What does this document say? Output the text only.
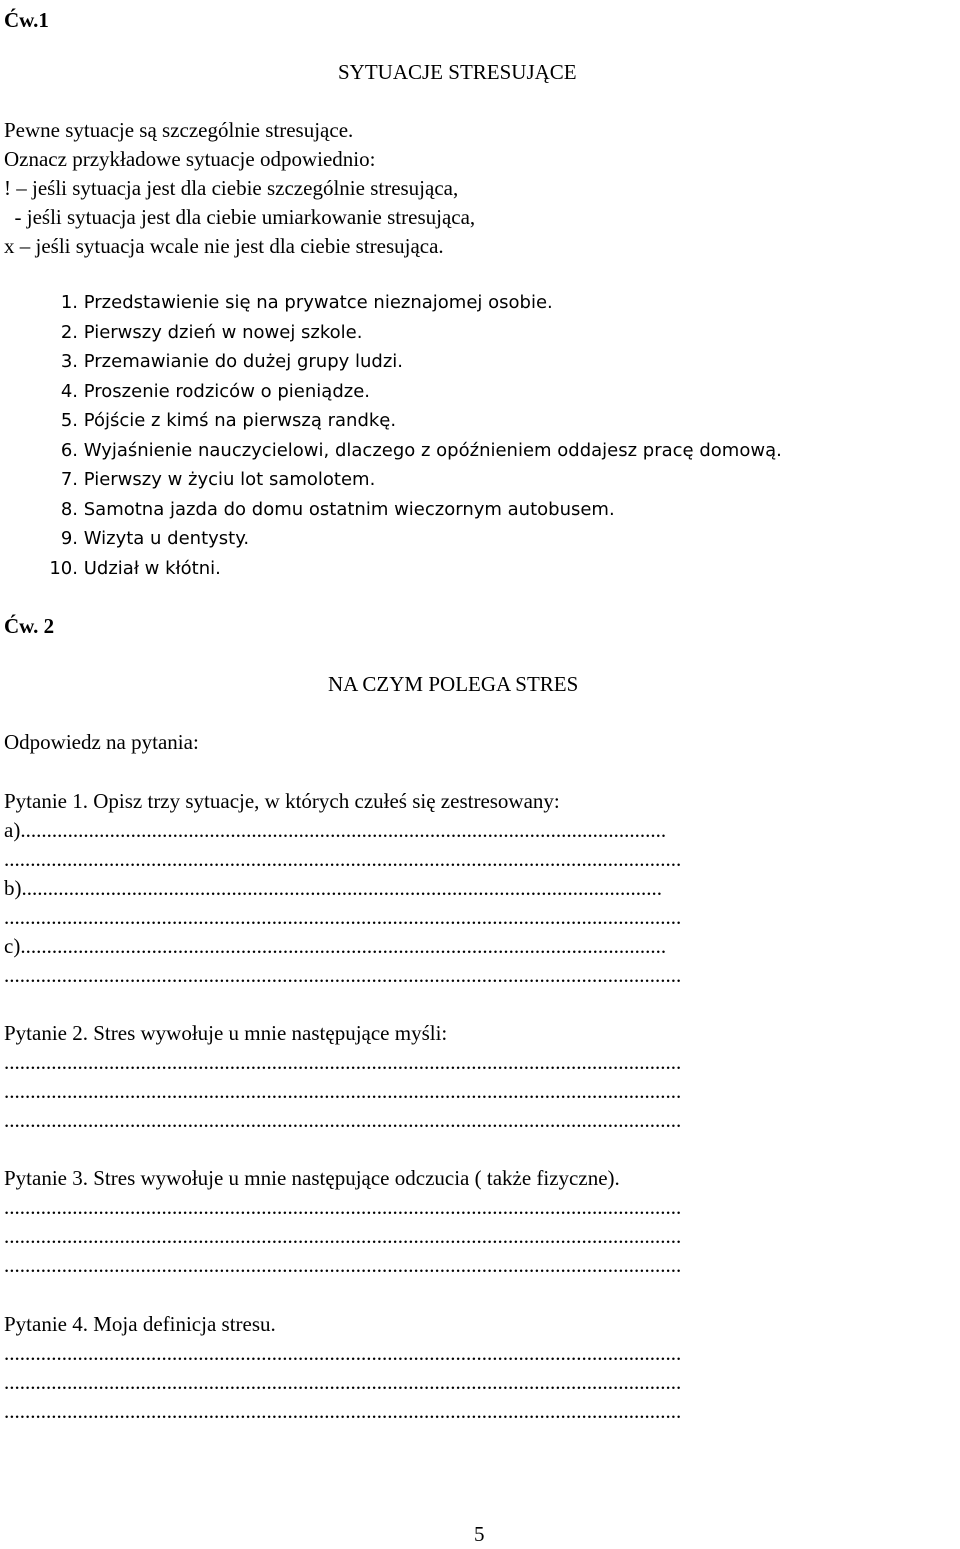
Ćw.1
SYTUACJE STRESUJĄCE
Pewne sytuacje są szczególnie stresujące.
Oznacz przykładowe sytuacje odpowiednio:
! – jeśli sytuacja jest dla ciebie szczególnie stresująca,
- jeśli sytuacja jest dla ciebie umiarkowanie stresująca,
x – jeśli sytuacja wcale nie jest dla ciebie stresująca.
1. Przedstawienie się na prywatce nieznajomej osobie.
2. Pierwszy dzień w nowej szkole.
3. Przemawianie do dużej grupy ludzi.
4. Proszenie rodziców o pieniądze.
5. Pójście z kimś na pierwszą randkę.
6. Wyjaśnienie nauczycielowi, dlaczego z opóźnieniem oddajesz pracę domową.
7. Pierwszy w życiu lot samolotem.
8. Samotna jazda do domu ostatnim wieczornym autobusem.
9. Wizyta u dentysty.
10. Udział w kłótni.
Ćw. 2
NA CZYM POLEGA STRES
Odpowiedz na pytania:
Pytanie 1. Opisz trzy sytuacje, w których czułeś się zestresowany:
a)...........................................................................................................................
.................................................................................................................................
b)..........................................................................................................................
.................................................................................................................................
c)...........................................................................................................................
.................................................................................................................................
Pytanie 2. Stres wywołuje u mnie następujące myśli:
.................................................................................................................................
.................................................................................................................................
.................................................................................................................................
Pytanie 3. Stres wywołuje u mnie następujące odczucia ( także fizyczne).
.................................................................................................................................
.................................................................................................................................
.................................................................................................................................
Pytanie 4. Moja definicja stresu.
.................................................................................................................................
.................................................................................................................................
.................................................................................................................................
5
